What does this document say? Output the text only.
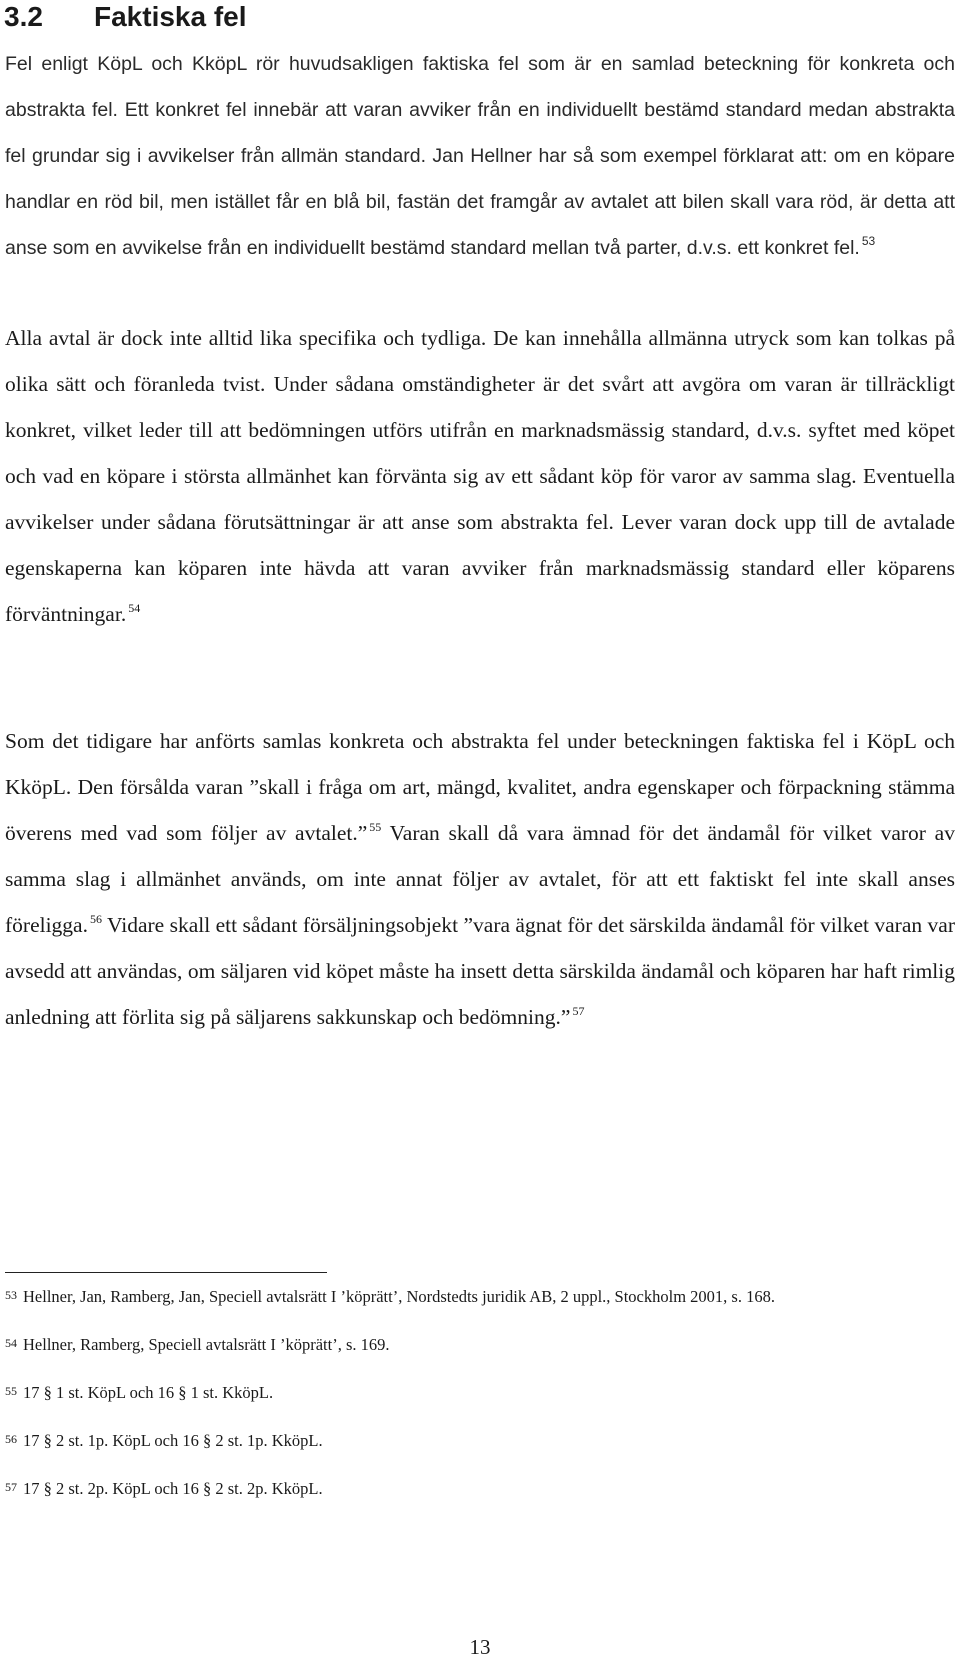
3.2 Faktiska fel

Fel enligt KöpL och KköpL rör huvudsakligen faktiska fel som är en samlad beteckning för konkreta och abstrakta fel. Ett konkret fel innebär att varan avviker från en individuellt bestämd standard medan abstrakta fel grundar sig i avvikelser från allmän standard. Jan Hellner har så som exempel förklarat att: om en köpare handlar en röd bil, men istället får en blå bil, fastän det framgår av avtalet att bilen skall vara röd, är detta att anse som en avvikelse från en individuellt bestämd standard mellan två parter, d.v.s. ett konkret fel. $^{53}$

Alla avtal är dock inte alltid lika specifika och tydliga. De kan innehålla allmänna utryck som kan tolkas på olika sätt och föranleda tvist. Under sådana omständigheter är det svårt att avgöra om varan är tillräckligt konkret, vilket leder till att bedömningen utförs utifrån en marknadsmässig standard, d.v.s. syftet med köpet och vad en köpare i största allmänhet kan förvänta sig av ett sådant köp för varor av samma slag. Eventuella avvikelser under sådana förutsättningar är att anse som abstrakta fel. Lever varan dock upp till de avtalade egenskaperna kan köparen inte hävda att varan avviker från marknadsmässig standard eller köparens förväntningar. $^{54}$

Som det tidigare har anförts samlas konkreta och abstrakta fel under beteckningen faktiska fel i KöpL och KköpL. Den försålda varan ”skall i fråga om art, mängd, kvalitet, andra egenskaper och förpackning stämma överens med vad som följer av avtalet.” $^{55}$ Varan skall då vara ämnad för det ändamål för vilket varor av samma slag i allmänhet används, om inte annat följer av avtalet, för att ett faktiskt fel inte skall anses föreligga. $^{56}$ Vidare skall ett sådant försäljningsobjekt ”vara ägnat för det särskilda ändamål för vilket varan var avsedd att användas, om säljaren vid köpet måste ha insett detta särskilda ändamål och köparen har haft rimlig anledning att förlita sig på säljarens sakkunskap och bedömning.” $^{57}$

53 Hellner, Jan, Ramberg, Jan, Speciell avtalsrätt I ’köprätt’, Nordstedts juridik AB, 2 uppl., Stockholm 2001, s. 168.

54 Hellner, Ramberg, Speciell avtalsrätt I ’köprätt’, s. 169.

55 17 § 1 st. KöpL och 16 § 1 st. KköpL.

56 17 § 2 st. 1p. KöpL och 16 § 2 st. 1p. KköpL.

57 17 § 2 st. 2p. KöpL och 16 § 2 st. 2p. KköpL.

13
